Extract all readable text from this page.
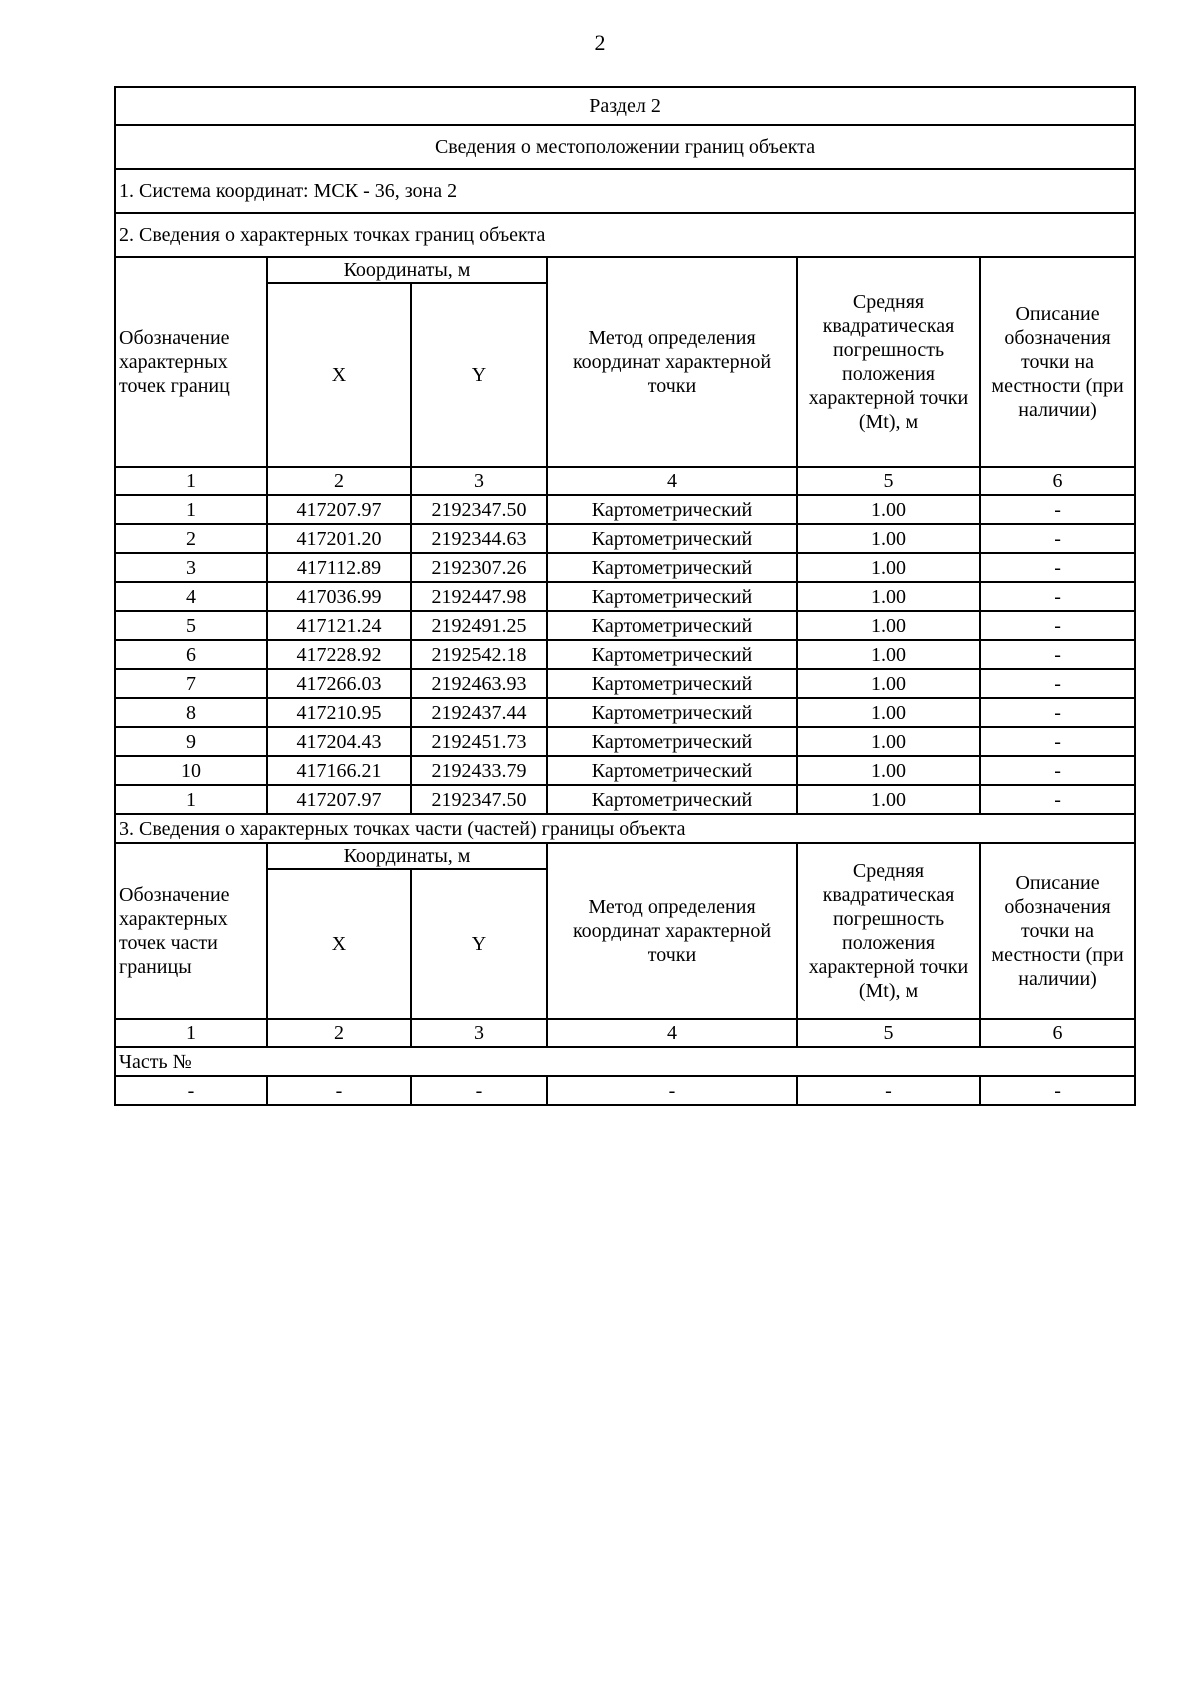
2
Раздел 2					
Сведения о местоположении границ объекта					
1. Система координат: МСК - 36, зона 2					
2. Сведения о характерных точках границ объекта					
Обозначение характерных точек границ	Координаты, м		Метод определения координат характерной точки	Средняя квадратическая погрешность положения характерной точки (Mt), м	Описание обозначения точки на местности (при наличии)
	X	Y			
1	2	3	4	5	6
1	417207.97	2192347.50	Картометрический	1.00	-
2	417201.20	2192344.63	Картометрический	1.00	-
3	417112.89	2192307.26	Картометрический	1.00	-
4	417036.99	2192447.98	Картометрический	1.00	-
5	417121.24	2192491.25	Картометрический	1.00	-
6	417228.92	2192542.18	Картометрический	1.00	-
7	417266.03	2192463.93	Картометрический	1.00	-
8	417210.95	2192437.44	Картометрический	1.00	-
9	417204.43	2192451.73	Картометрический	1.00	-
10	417166.21	2192433.79	Картометрический	1.00	-
1	417207.97	2192347.50	Картометрический	1.00	-
3. Сведения о характерных точках части (частей) границы объекта					
Обозначение характерных точек части границы	Координаты, м		Метод определения координат характерной точки	Средняя квадратическая погрешность положения характерной точки (Mt), м	Описание обозначения точки на местности (при наличии)
	X	Y			
1	2	3	4	5	6
Часть №					
-	-	-	-	-	-
